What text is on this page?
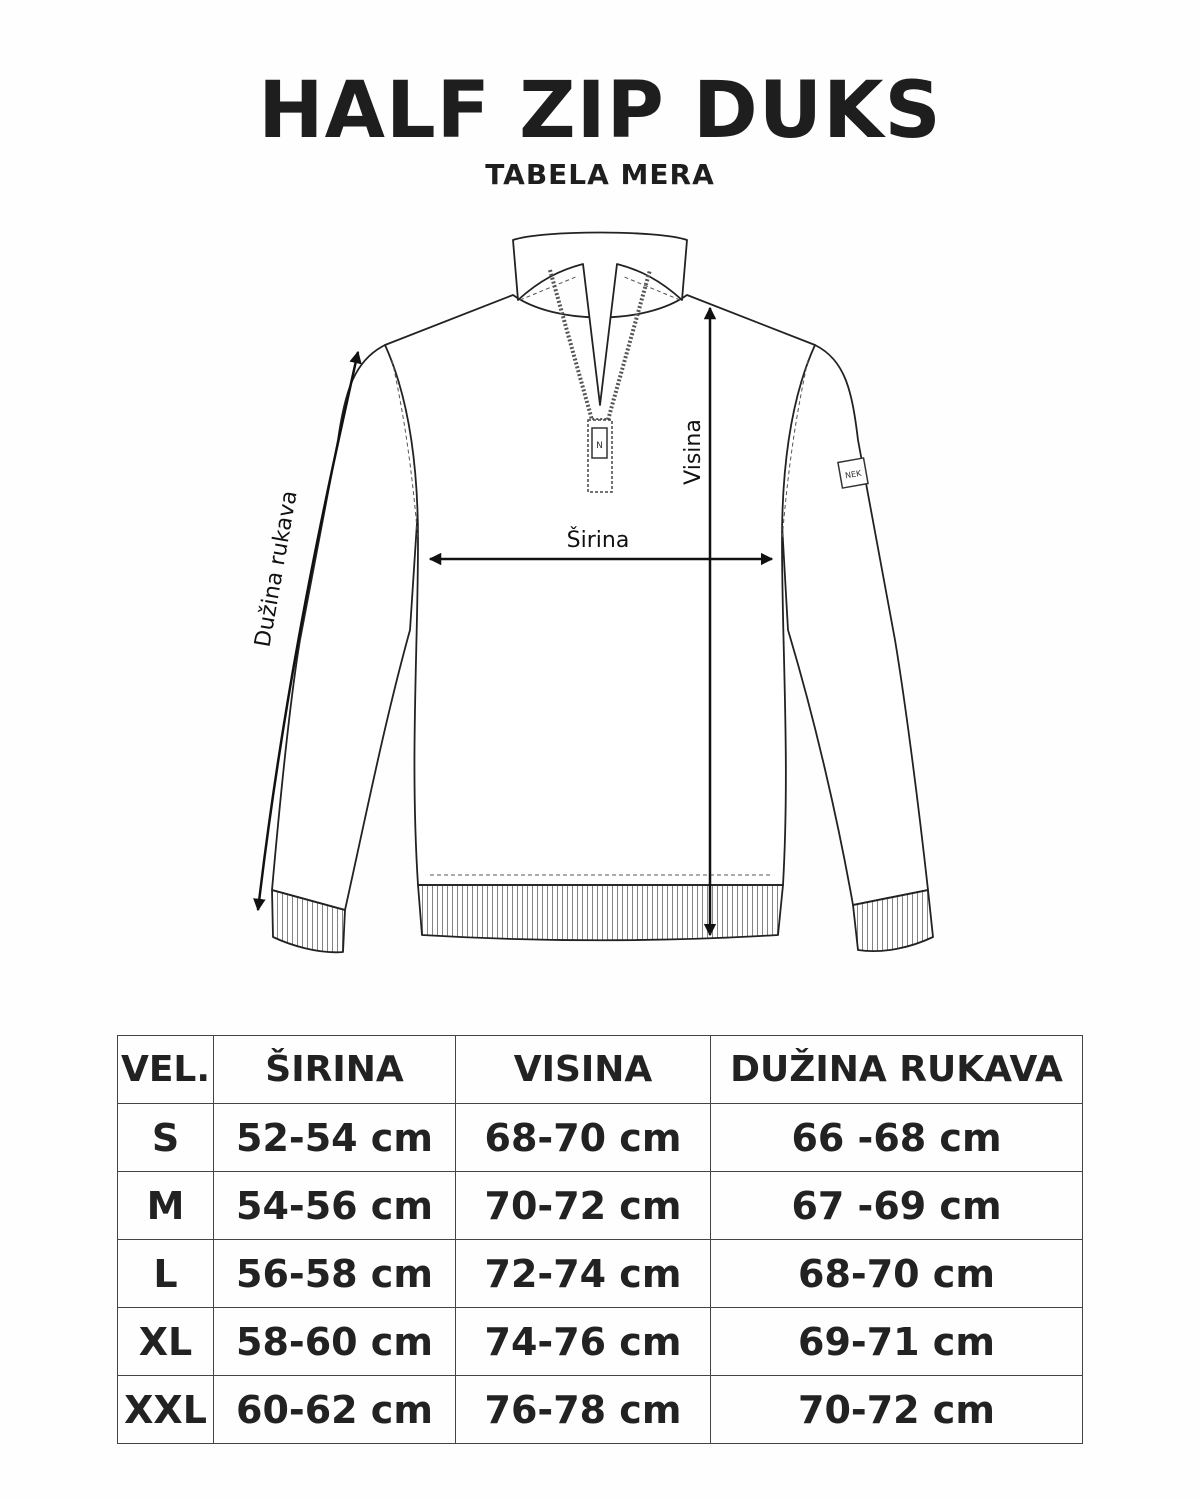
HALF ZIP DUKS
TABELA MERA
N
NEK
Visina
Širina
Dužina rukava
VEL.	ŠIRINA	VISINA	DUŽINA RUKAVA
S	52-54 cm	68-70 cm	66 -68 cm
M	54-56 cm	70-72 cm	67 -69 cm
L	56-58 cm	72-74 cm	68-70 cm
XL	58-60 cm	74-76 cm	69-71 cm
XXL	60-62 cm	76-78 cm	70-72 cm
